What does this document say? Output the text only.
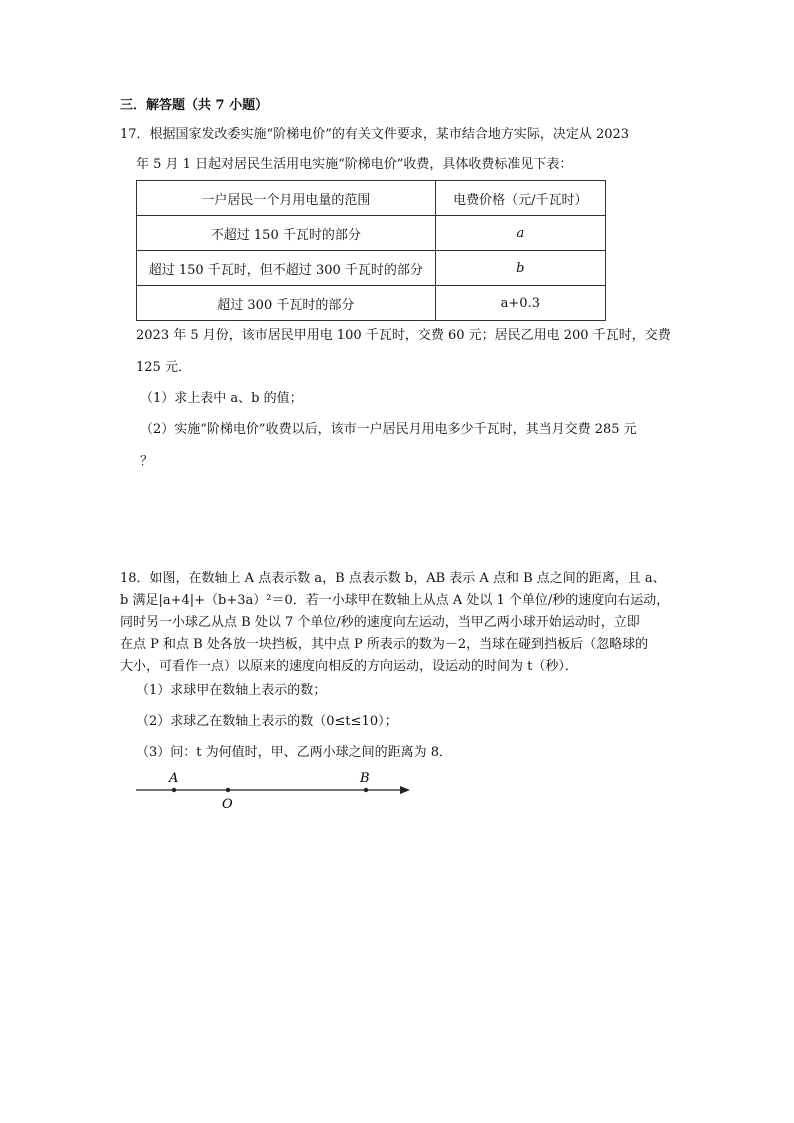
三．解答题（共 7 小题）
17．根据国家发改委实施“阶梯电价”的有关文件要求，某市结合地方实际，决定从 2023
年 5 月 1 日起对居民生活用电实施“阶梯电价”收费，具体收费标准见下表：
一户居民一个月用电量的范围	电费价格（元/千瓦时）
不超过 150 千瓦时的部分	a
超过 150 千瓦时，但不超过 300 千瓦时的部分	b
超过 300 千瓦时的部分	a+0.3
2023 年 5 月份，该市居民甲用电 100 千瓦时，交费 60 元；居民乙用电 200 千瓦时，交费
125 元．
（1）求上表中 a、b 的值；
（2）实施“阶梯电价”收费以后，该市一户居民月用电多少千瓦时，其当月交费 285 元
？
18．如图，在数轴上 A 点表示数 a，B 点表示数 b，AB 表示 A 点和 B 点之间的距离，且 a、
b 满足|a+4|+（b+3a）²＝0．若一小球甲在数轴上从点 A 处以 1 个单位/秒的速度向右运动，
同时另一小球乙从点 B 处以 7 个单位/秒的速度向左运动，当甲乙两小球开始运动时，立即
在点 P 和点 B 处各放一块挡板，其中点 P 所表示的数为－2，当球在碰到挡板后（忽略球的
大小，可看作一点）以原来的速度向相反的方向运动，设运动的时间为 t（秒）．
（1）求球甲在数轴上表示的数；
（2）求球乙在数轴上表示的数（0≤t≤10）；
（3）问：t 为何值时，甲、乙两小球之间的距离为 8．
A
O
B
